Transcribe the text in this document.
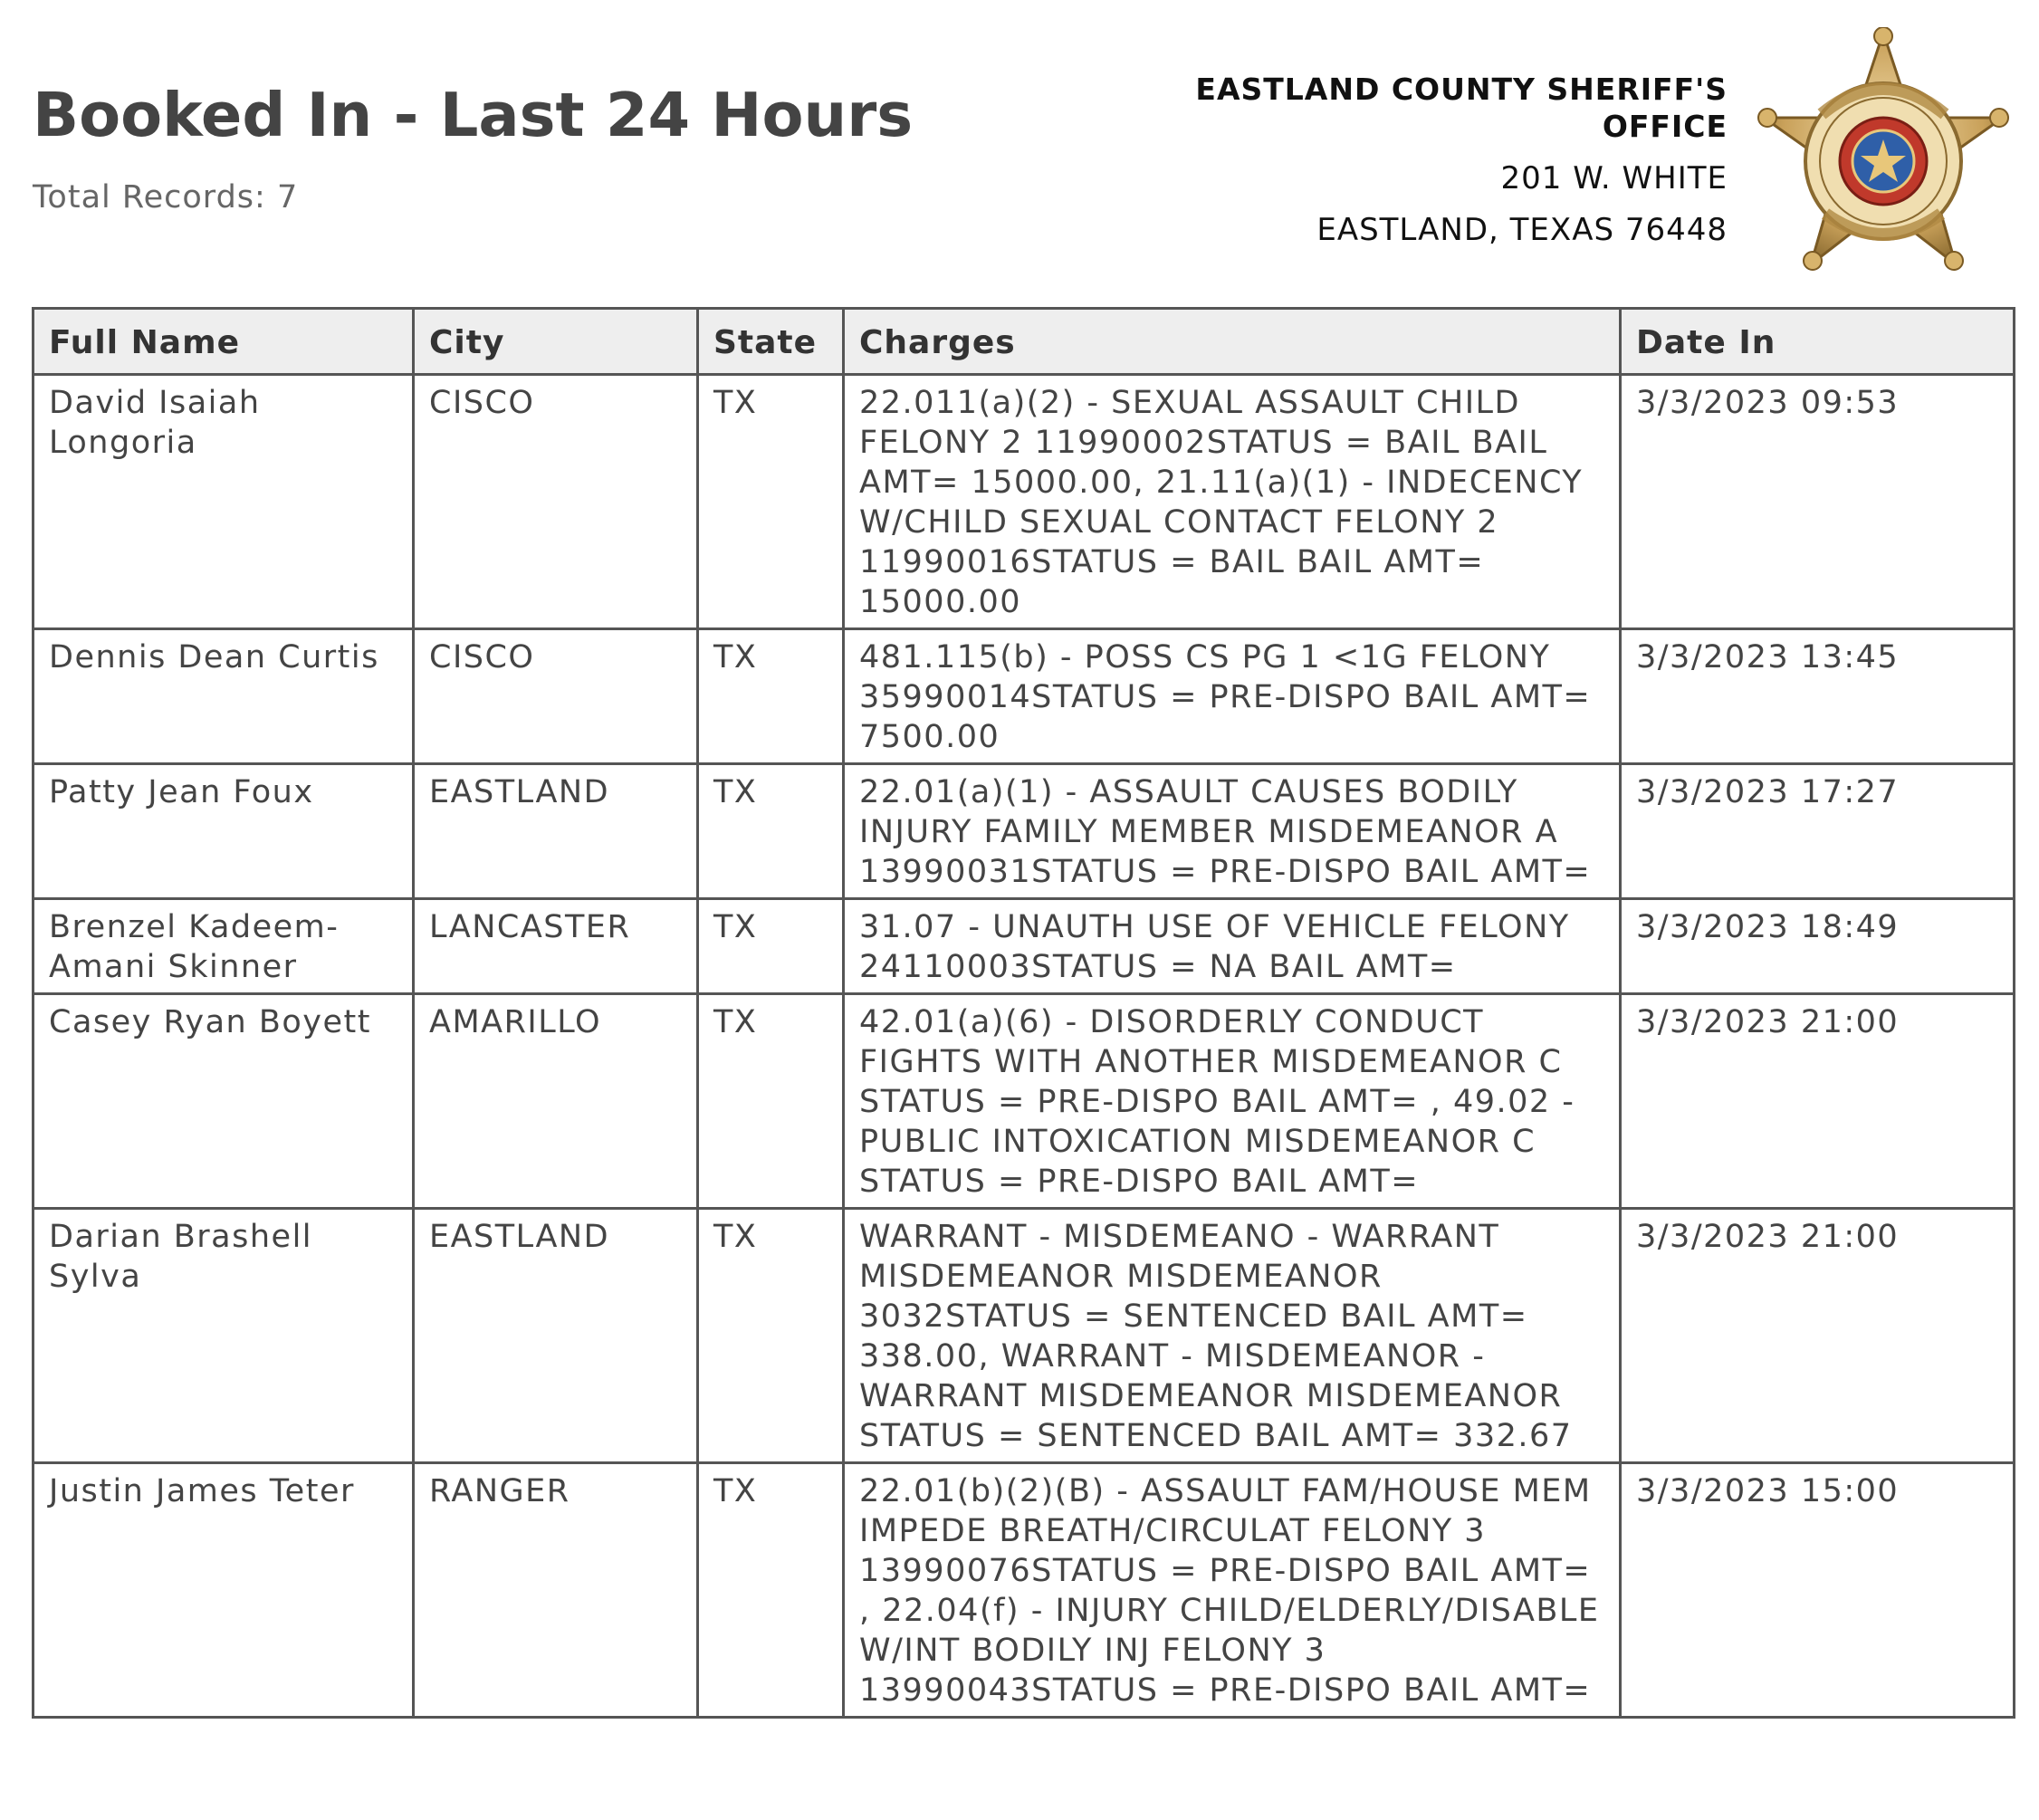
Booked In - Last 24 Hours
Total Records: 7
EASTLAND COUNTY SHERIFF'S
OFFICE
201 W. WHITE
EASTLAND, TEXAS 76448
Full Name	City	State	Charges	Date In
David Isaiah Longoria	CISCO	TX	22.011(a)(2) - SEXUAL ASSAULT CHILD FELONY 2 11990002STATUS = BAIL BAIL AMT= 15000.00, 21.11(a)(1) - INDECENCY W/CHILD SEXUAL CONTACT FELONY 2 11990016STATUS = BAIL BAIL AMT= 15000.00	3/3/2023 09:53
Dennis Dean Curtis	CISCO	TX	481.115(b) - POSS CS PG 1 <1G FELONY 35990014STATUS = PRE-DISPO BAIL AMT= 7500.00	3/3/2023 13:45
Patty Jean Foux	EASTLAND	TX	22.01(a)(1) - ASSAULT CAUSES BODILY INJURY FAMILY MEMBER MISDEMEANOR A 13990031STATUS = PRE-DISPO BAIL AMT=	3/3/2023 17:27
Brenzel Kadeem-Amani Skinner	LANCASTER	TX	31.07 - UNAUTH USE OF VEHICLE FELONY 24110003STATUS = NA BAIL AMT=	3/3/2023 18:49
Casey Ryan Boyett	AMARILLO	TX	42.01(a)(6) - DISORDERLY CONDUCT FIGHTS WITH ANOTHER MISDEMEANOR C STATUS = PRE-DISPO BAIL AMT= , 49.02 - PUBLIC INTOXICATION MISDEMEANOR C STATUS = PRE-DISPO BAIL AMT=	3/3/2023 21:00
Darian Brashell Sylva	EASTLAND	TX	WARRANT - MISDEMEANO - WARRANT MISDEMEANOR MISDEMEANOR 3032STATUS = SENTENCED BAIL AMT= 338.00, WARRANT - MISDEMEANOR - WARRANT MISDEMEANOR MISDEMEANOR STATUS = SENTENCED BAIL AMT= 332.67	3/3/2023 21:00
Justin James Teter	RANGER	TX	22.01(b)(2)(B) - ASSAULT FAM/HOUSE MEM IMPEDE BREATH/CIRCULAT FELONY 3 13990076STATUS = PRE-DISPO BAIL AMT= , 22.04(f) - INJURY CHILD/ELDERLY/DISABLE W/INT BODILY INJ FELONY 3 13990043STATUS = PRE-DISPO BAIL AMT=	3/3/2023 15:00
